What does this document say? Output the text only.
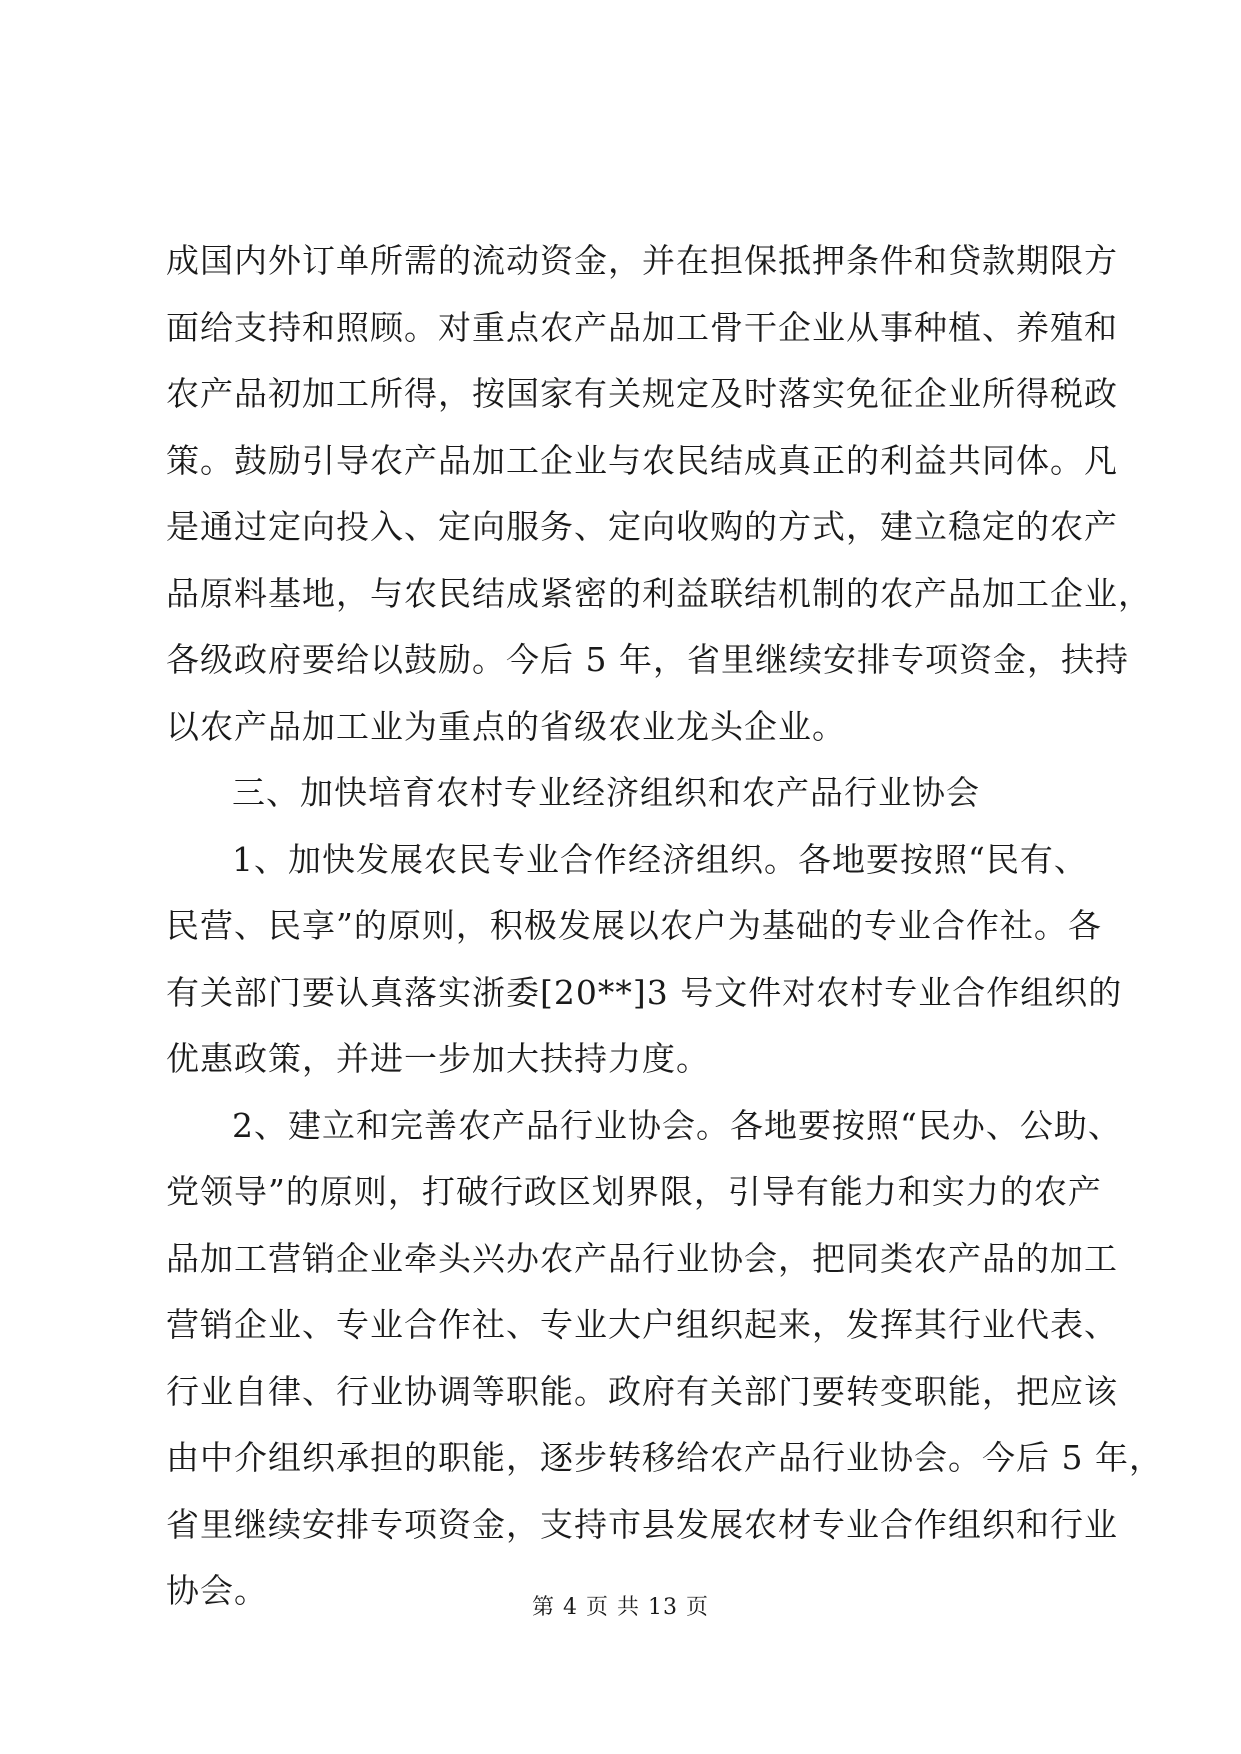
成国内外订单所需的流动资金，并在担保抵押条件和贷款期限方
面给支持和照顾。对重点农产品加工骨干企业从事种植、养殖和
农产品初加工所得，按国家有关规定及时落实免征企业所得税政
策。鼓励引导农产品加工企业与农民结成真正的利益共同体。凡
是通过定向投入、定向服务、定向收购的方式，建立稳定的农产
品原料基地，与农民结成紧密的利益联结机制的农产品加工企业，
各级政府要给以鼓励。今后 5 年，省里继续安排专项资金，扶持
以农产品加工业为重点的省级农业龙头企业。
三、加快培育农村专业经济组织和农产品行业协会
1、加快发展农民专业合作经济组织。各地要按照“民有、
民营、民享”的原则，积极发展以农户为基础的专业合作社。各
有关部门要认真落实浙委[20**]3 号文件对农村专业合作组织的
优惠政策，并进一步加大扶持力度。
2、建立和完善农产品行业协会。各地要按照“民办、公助、
党领导”的原则，打破行政区划界限，引导有能力和实力的农产
品加工营销企业牵头兴办农产品行业协会，把同类农产品的加工
营销企业、专业合作社、专业大户组织起来，发挥其行业代表、
行业自律、行业协调等职能。政府有关部门要转变职能，把应该
由中介组织承担的职能，逐步转移给农产品行业协会。今后 5 年，
省里继续安排专项资金，支持市县发展农材专业合作组织和行业
协会。	第 4 页 共 13 页
